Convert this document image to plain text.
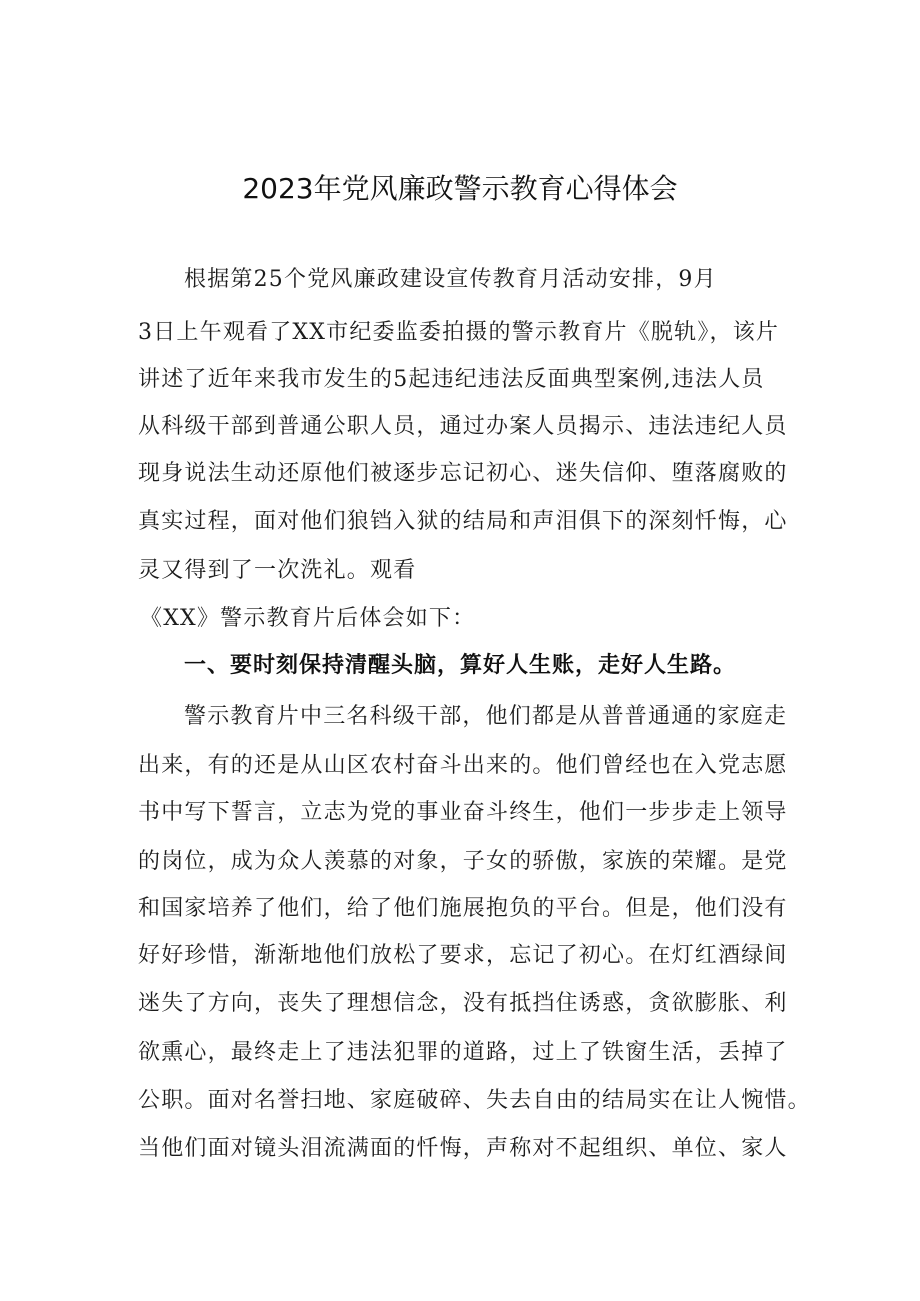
2023年党风廉政警示教育心得体会
根据第25个党风廉政建设宣传教育月活动安排，9月
3日上午观看了XX市纪委监委拍摄的警示教育片《脱轨》，该片
讲述了近年来我市发生的5起违纪违法反面典型案例,违法人员
从科级干部到普通公职人员，通过办案人员揭示、违法违纪人员
现身说法生动还原他们被逐步忘记初心、迷失信仰、堕落腐败的
真实过程，面对他们狼铛入狱的结局和声泪俱下的深刻忏悔，心
灵又得到了一次洗礼。观看
《XX》警示教育片后体会如下：
一、要时刻保持清醒头脑，算好人生账，走好人生路。
警示教育片中三名科级干部，他们都是从普普通通的家庭走
出来，有的还是从山区农村奋斗出来的。他们曾经也在入党志愿
书中写下誓言，立志为党的事业奋斗终生，他们一步步走上领导
的岗位，成为众人羡慕的对象，子女的骄傲，家族的荣耀。是党
和国家培养了他们，给了他们施展抱负的平台。但是，他们没有
好好珍惜，渐渐地他们放松了要求，忘记了初心。在灯红酒绿间
迷失了方向，丧失了理想信念，没有抵挡住诱惑，贪欲膨胀、利
欲熏心，最终走上了违法犯罪的道路，过上了铁窗生活，丢掉了
公职。面对名誉扫地、家庭破碎、失去自由的结局实在让人惋惜。
当他们面对镜头泪流满面的忏悔，声称对不起组织、单位、家人
